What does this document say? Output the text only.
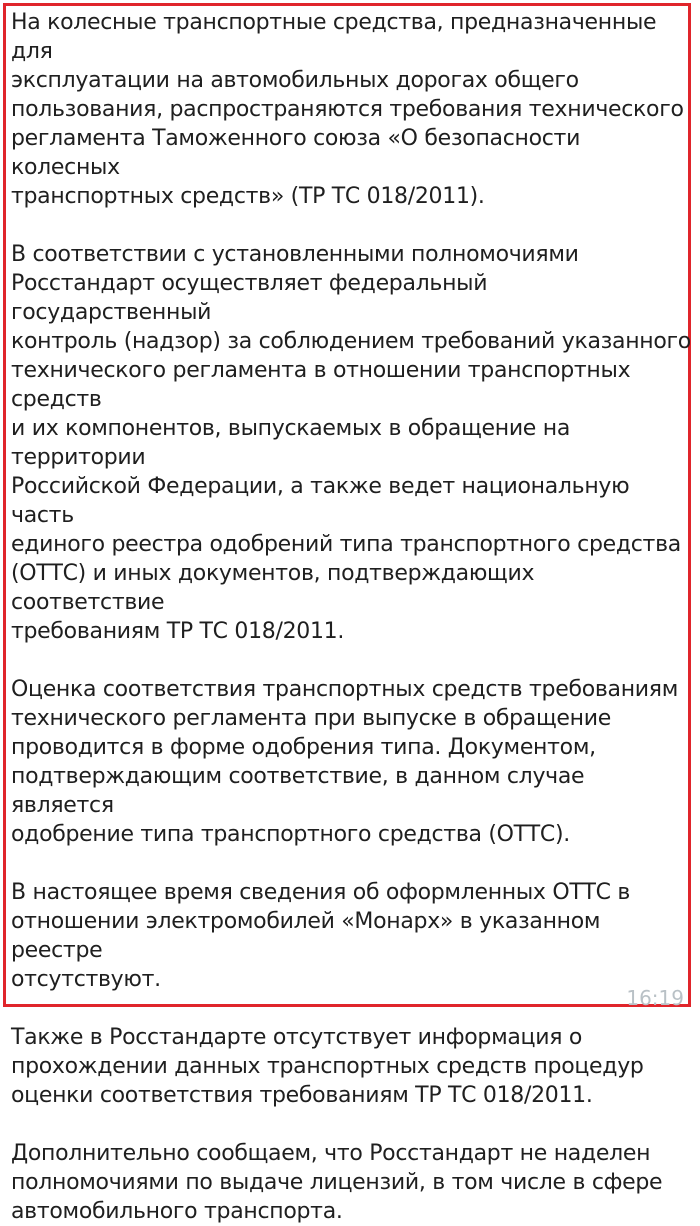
На колесные транспортные средства, предназначенные для
эксплуатации на автомобильных дорогах общего
пользования, распространяются требования технического
регламента Таможенного союза «О безопасности колесных
транспортных средств» (ТР ТС 018/2011).

В соответствии с установленными полномочиями
Росстандарт осуществляет федеральный государственный
контроль (надзор) за соблюдением требований указанного
технического регламента в отношении транспортных средств
и их компонентов, выпускаемых в обращение на территории
Российской Федерации, а также ведет национальную часть
единого реестра одобрений типа транспортного средства
(ОТТС) и иных документов, подтверждающих соответствие
требованиям ТР ТС 018/2011.

Оценка соответствия транспортных средств требованиям
технического регламента при выпуске в обращение
проводится в форме одобрения типа. Документом,
подтверждающим соответствие, в данном случае является
одобрение типа транспортного средства (ОТТС).

В настоящее время сведения об оформленных ОТТС в
отношении электромобилей «Монарх» в указанном реестре
отсутствуют.

Также в Росстандарте отсутствует информация о
прохождении данных транспортных средств процедур
оценки соответствия требованиям ТР ТС 018/2011.

Дополнительно сообщаем, что Росстандарт не наделен
полномочиями по выдаче лицензий, в том числе в сфере
автомобильного транспорта.	16:19
